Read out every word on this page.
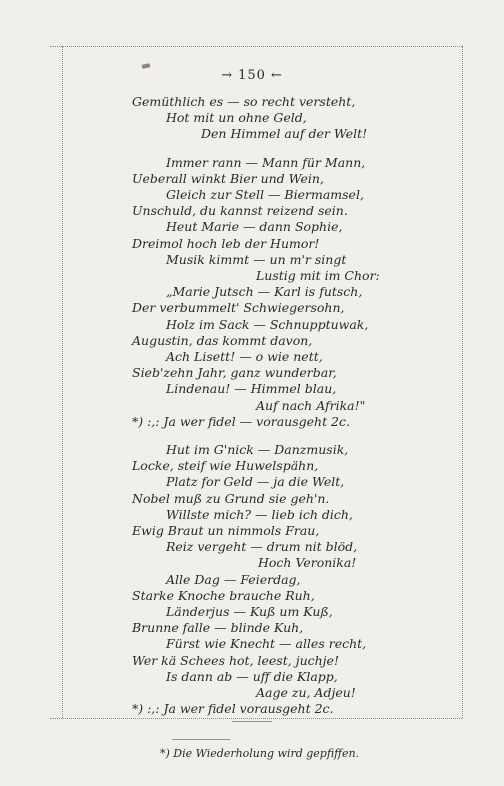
→ 150 ←
Gemüthlich es — so recht versteht,
Hot mit un ohne Geld,
Den Himmel auf der Welt!
Immer rann — Mann für Mann,
Ueberall winkt Bier und Wein,
Gleich zur Stell — Biermamsel,
Unschuld, du kannst reizend sein.
Heut Marie — dann Sophie,
Dreimol hoch leb der Humor!
Musik kimmt — un m'r singt
Lustig mit im Chor:
„Marie Jutsch — Karl is futsch,
Der verbummelt' Schwiegersohn,
Holz im Sack — Schnupptuwak,
Augustin, das kommt davon,
Ach Lisett! — o wie nett,
Sieb'zehn Jahr, ganz wunderbar,
Lindenau! — Himmel blau,
Auf nach Afrika!"
*) :,: Ja wer fidel — vorausgeht 2c.
Hut im G'nick — Danzmusik,
Locke, steif wie Huwelspähn,
Platz for Geld — ja die Welt,
Nobel muß zu Grund sie geh'n.
Willste mich? — lieb ich dich,
Ewig Braut un nimmols Frau,
Reiz vergeht — drum nit blöd,
Hoch Veronika!
Alle Dag — Feierdag,
Starke Knoche brauche Ruh,
Länderjus — Kuß um Kuß,
Brunne falle — blinde Kuh,
Fürst wie Knecht — alles recht,
Wer kä Schees hot, leest, juchje!
Is dann ab — uff die Klapp,
Aage zu, Adjeu!
*) :,: Ja wer fidel vorausgeht 2c.
*) Die Wiederholung wird gepfiffen.
